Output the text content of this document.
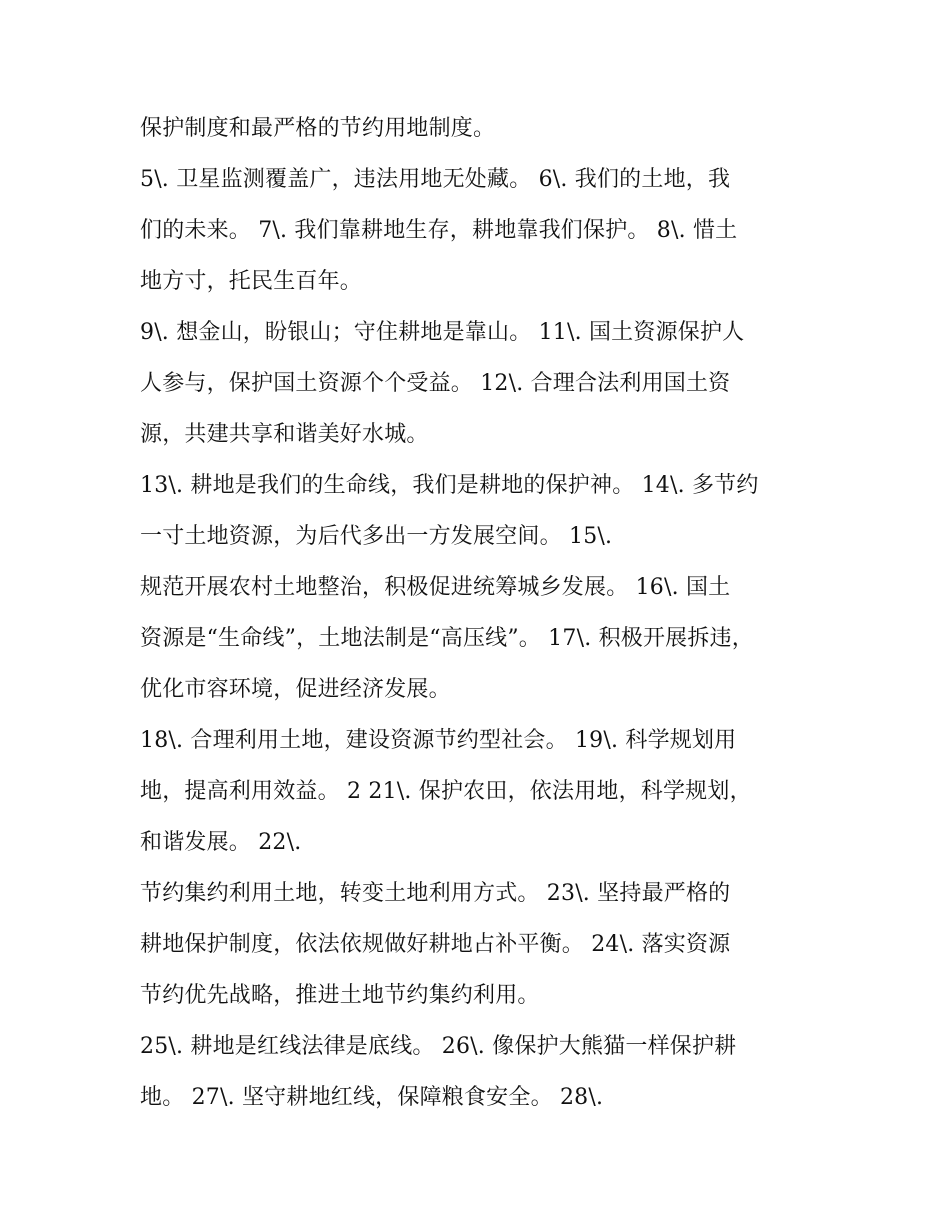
保护制度和最严格的节约用地制度。
5\. 卫星监测覆盖广，违法用地无处藏。 6\. 我们的土地，我
们的未来。 7\. 我们靠耕地生存，耕地靠我们保护。 8\. 惜土
地方寸，托民生百年。
9\. 想金山，盼银山；守住耕地是靠山。 11\. 国土资源保护人
人参与，保护国土资源个个受益。 12\. 合理合法利用国土资
源，共建共享和谐美好水城。
13\. 耕地是我们的生命线，我们是耕地的保护神。 14\. 多节约
一寸土地资源，为后代多出一方发展空间。 15\.
规范开展农村土地整治，积极促进统筹城乡发展。 16\. 国土
资源是“生命线”，土地法制是“高压线”。 17\. 积极开展拆违，
优化市容环境，促进经济发展。
18\. 合理利用土地，建设资源节约型社会。 19\. 科学规划用
地，提高利用效益。 2 21\. 保护农田，依法用地，科学规划，
和谐发展。 22\.
节约集约利用土地，转变土地利用方式。 23\. 坚持最严格的
耕地保护制度，依法依规做好耕地占补平衡。 24\. 落实资源
节约优先战略，推进土地节约集约利用。
25\. 耕地是红线法律是底线。 26\. 像保护大熊猫一样保护耕
地。 27\. 坚守耕地红线，保障粮食安全。 28\.
